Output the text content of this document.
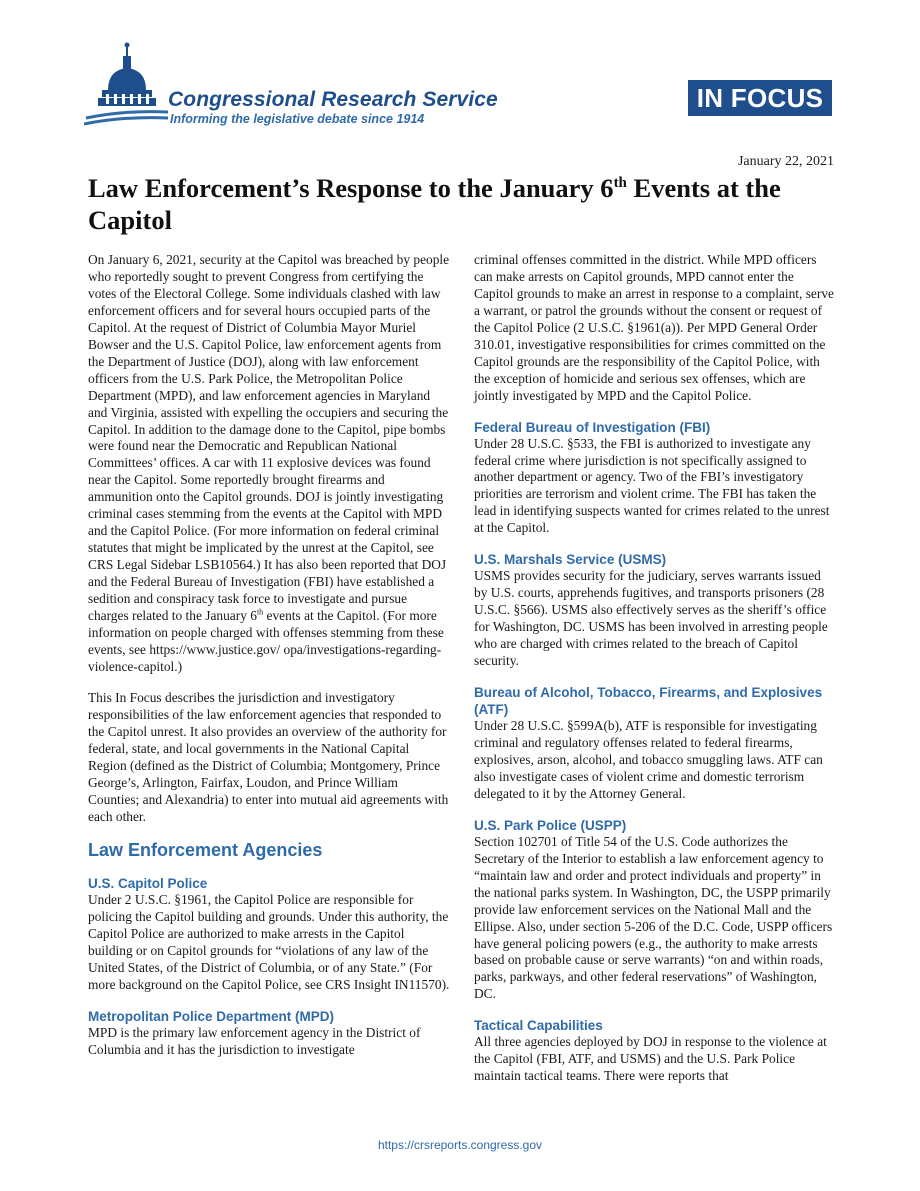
Congressional Research Service
Informing the legislative debate since 1914
IN FOCUS
January 22, 2021
Law Enforcement’s Response to the January 6th Events at the Capitol

On January 6, 2021, security at the Capitol was breached by people who reportedly sought to prevent Congress from certifying the votes of the Electoral College. Some individuals clashed with law enforcement officers and for several hours occupied parts of the Capitol. At the request of District of Columbia Mayor Muriel Bowser and the U.S. Capitol Police, law enforcement agents from the Department of Justice (DOJ), along with law enforcement officers from the U.S. Park Police, the Metropolitan Police Department (MPD), and law enforcement agencies in Maryland and Virginia, assisted with expelling the occupiers and securing the Capitol. In addition to the damage done to the Capitol, pipe bombs were found near the Democratic and Republican National Committees’ offices. A car with 11 explosive devices was found near the Capitol. Some reportedly brought firearms and ammunition onto the Capitol grounds. DOJ is jointly investigating criminal cases stemming from the events at the Capitol with MPD and the Capitol Police. (For more information on federal criminal statutes that might be implicated by the unrest at the Capitol, see CRS Legal Sidebar LSB10564.) It has also been reported that DOJ and the Federal Bureau of Investigation (FBI) have established a sedition and conspiracy task force to investigate and pursue charges related to the January 6th events at the Capitol. (For more information on people charged with offenses stemming from these events, see https://www.justice.gov/ opa/investigations-regarding-violence-capitol.)

This In Focus describes the jurisdiction and investigatory responsibilities of the law enforcement agencies that responded to the Capitol unrest. It also provides an overview of the authority for federal, state, and local governments in the National Capital Region (defined as the District of Columbia; Montgomery, Prince George’s, Arlington, Fairfax, Loudon, and Prince William Counties; and Alexandria) to enter into mutual aid agreements with each other.

Law Enforcement Agencies
U.S. Capitol Police

Under 2 U.S.C. §1961, the Capitol Police are responsible for policing the Capitol building and grounds. Under this authority, the Capitol Police are authorized to make arrests in the Capitol building or on Capitol grounds for “violations of any law of the United States, of the District of Columbia, or of any State.” (For more background on the Capitol Police, see CRS Insight IN11570).

Metropolitan Police Department (MPD)

MPD is the primary law enforcement agency in the District of Columbia and it has the jurisdiction to investigate

criminal offenses committed in the district. While MPD officers can make arrests on Capitol grounds, MPD cannot enter the Capitol grounds to make an arrest in response to a complaint, serve a warrant, or patrol the grounds without the consent or request of the Capitol Police (2 U.S.C. §1961(a)). Per MPD General Order 310.01, investigative responsibilities for crimes committed on the Capitol grounds are the responsibility of the Capitol Police, with the exception of homicide and serious sex offenses, which are jointly investigated by MPD and the Capitol Police.

Federal Bureau of Investigation (FBI)

Under 28 U.S.C. §533, the FBI is authorized to investigate any federal crime where jurisdiction is not specifically assigned to another department or agency. Two of the FBI’s investigatory priorities are terrorism and violent crime. The FBI has taken the lead in identifying suspects wanted for crimes related to the unrest at the Capitol.

U.S. Marshals Service (USMS)

USMS provides security for the judiciary, serves warrants issued by U.S. courts, apprehends fugitives, and transports prisoners (28 U.S.C. §566). USMS also effectively serves as the sheriff’s office for Washington, DC. USMS has been involved in arresting people who are charged with crimes related to the breach of Capitol security.

Bureau of Alcohol, Tobacco, Firearms, and Explosives (ATF)

Under 28 U.S.C. §599A(b), ATF is responsible for investigating criminal and regulatory offenses related to federal firearms, explosives, arson, alcohol, and tobacco smuggling laws. ATF can also investigate cases of violent crime and domestic terrorism delegated to it by the Attorney General.

U.S. Park Police (USPP)

Section 102701 of Title 54 of the U.S. Code authorizes the Secretary of the Interior to establish a law enforcement agency to “maintain law and order and protect individuals and property” in the national parks system. In Washington, DC, the USPP primarily provide law enforcement services on the National Mall and the Ellipse. Also, under section 5-206 of the D.C. Code, USPP officers have general policing powers (e.g., the authority to make arrests based on probable cause or serve warrants) “on and within roads, parks, parkways, and other federal reservations” of Washington, DC.

Tactical Capabilities

All three agencies deployed by DOJ in response to the violence at the Capitol (FBI, ATF, and USMS) and the U.S. Park Police maintain tactical teams. There were reports that

https://crsreports.congress.gov
